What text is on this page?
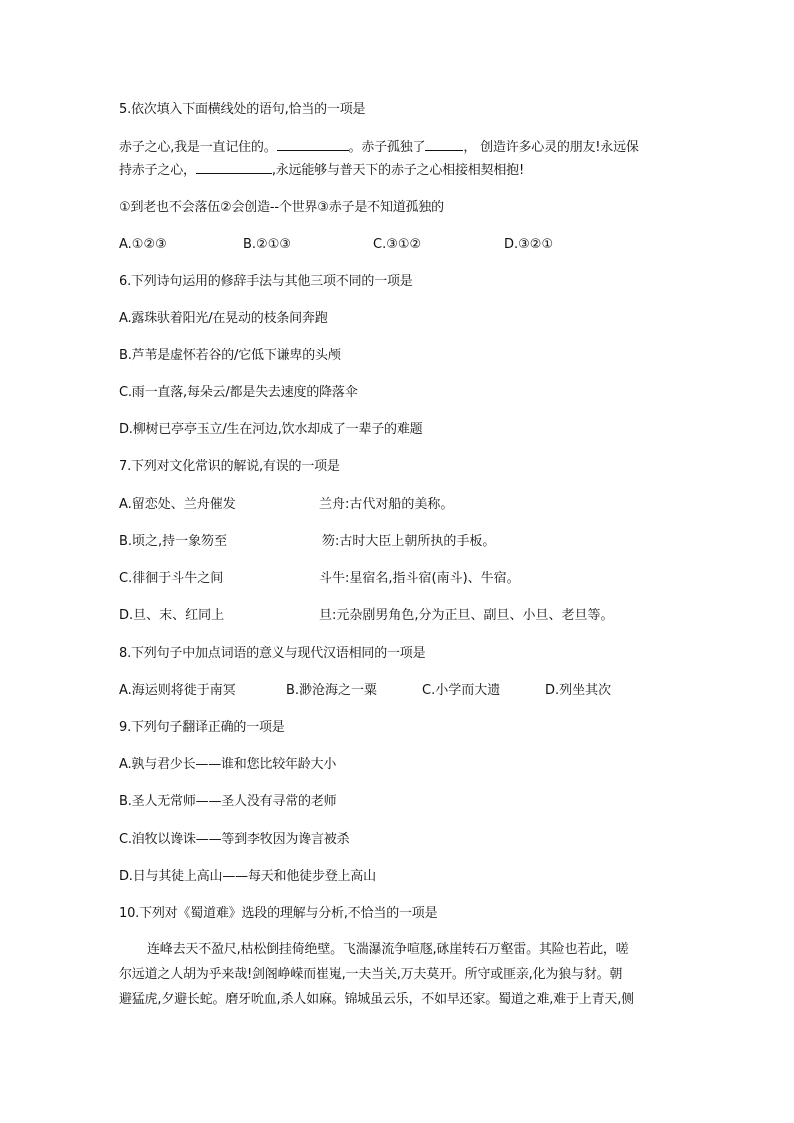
5.依次填入下面横线处的语句,恰当的一项是
赤子之心,我是一直记住的。	。赤子孤独了	， 创造许多心灵的朋友!永远保
持赤子之心，	,永远能够与普天下的赤子之心相接相契相抱!
①到老也不会落伍②会创造--个世界③赤子是不知道孤独的
A.①②③	B.②①③	C.③①②	D.③②①
6.下列诗句运用的修辞手法与其他三项不同的一项是
A.露珠驮着阳光/在晃动的枝条间奔跑
B.芦苇是虚怀若谷的/它低下谦卑的头颅
C.雨一直落,每朵云/都是失去速度的降落伞
D.柳树已亭亭玉立/生在河边,饮水却成了一辈子的难题
7.下列对文化常识的解说,有误的一项是
A.留恋处、兰舟催发	兰舟:古代对船的美称。
B.顷之,持一象笏至	笏:古时大臣上朝所执的手板。
C.徘徊于斗牛之间	斗牛:星宿名,指斗宿(南斗)、牛宿。
D.旦、末、红同上	旦:元杂剧男角色,分为正旦、副旦、小旦、老旦等。
8.下列句子中加点词语的意义与现代汉语相同的一项是
A.海运则将徙于南冥	B.渺沧海之一粟	C.小学而大遗	D.列坐其次
9.下列句子翻译正确的一项是
A.孰与君少长——谁和您比较年龄大小
B.圣人无常师——圣人没有寻常的老师
C.洎牧以谗诛——等到李牧因为谗言被杀
D.日与其徒上高山——每天和他徒步登上高山
10.下列对《蜀道难》选段的理解与分析,不恰当的一项是
连峰去天不盈尺,枯松倒挂倚绝壁。飞湍瀑流争喧豗,砯崖转石万壑雷。其险也若此，嗟
尔远道之人胡为乎来哉!剑阁峥嵘而崔嵬,一夫当关,万夫莫开。所守或匪亲,化为狼与豺。朝
避猛虎,夕避长蛇。磨牙吮血,杀人如麻。锦城虽云乐，不如早还家。蜀道之难,难于上青天,侧
